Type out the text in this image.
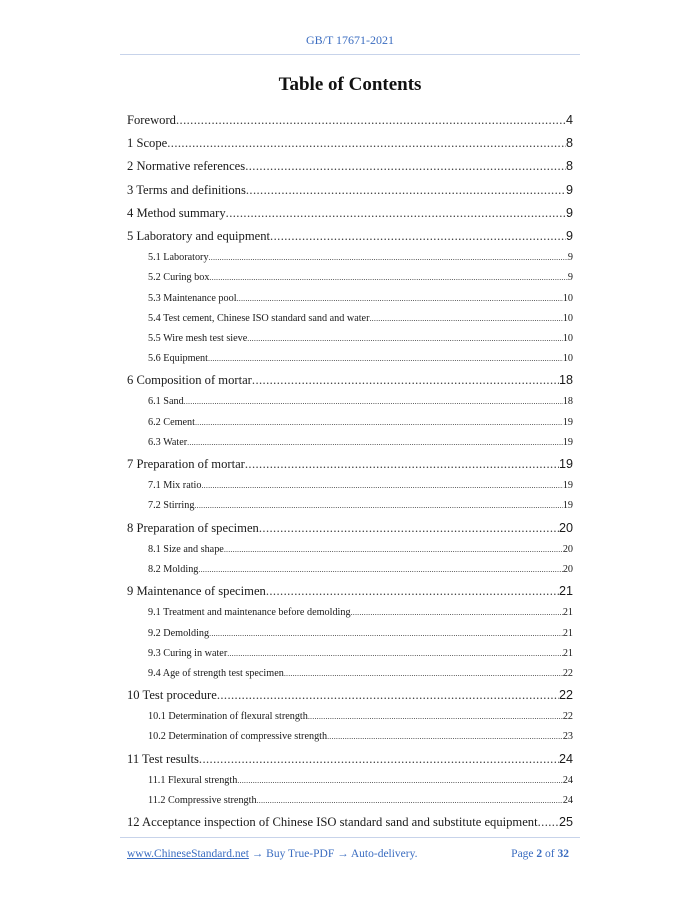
GB/T 17671-2021
Table of Contents
Foreword .....	4
1 Scope .....	8
2 Normative references .....	8
3 Terms and definitions .....	9
4 Method summary .....	9
5 Laboratory and equipment .....	9
5.1 Laboratory .....	9
5.2 Curing box .....	9
5.3 Maintenance pool .....	10
5.4 Test cement, Chinese ISO standard sand and water .....	10
5.5 Wire mesh test sieve .....	10
5.6 Equipment .....	10
6 Composition of mortar .....	18
6.1 Sand .....	18
6.2 Cement .....	19
6.3 Water .....	19
7 Preparation of mortar .....	19
7.1 Mix ratio .....	19
7.2 Stirring .....	19
8 Preparation of specimen .....	20
8.1 Size and shape .....	20
8.2 Molding .....	20
9 Maintenance of specimen .....	21
9.1 Treatment and maintenance before demolding .....	21
9.2 Demolding .....	21
9.3 Curing in water .....	21
9.4 Age of strength test specimen .....	22
10 Test procedure .....	22
10.1 Determination of flexural strength .....	22
10.2 Determination of compressive strength .....	23
11 Test results .....	24
11.1 Flexural strength .....	24
11.2 Compressive strength .....	24
12 Acceptance inspection of Chinese ISO standard sand and substitute equipment ..... 25
www.ChineseStandard.net → Buy True-PDF → Auto-delivery.	Page 2 of 32
